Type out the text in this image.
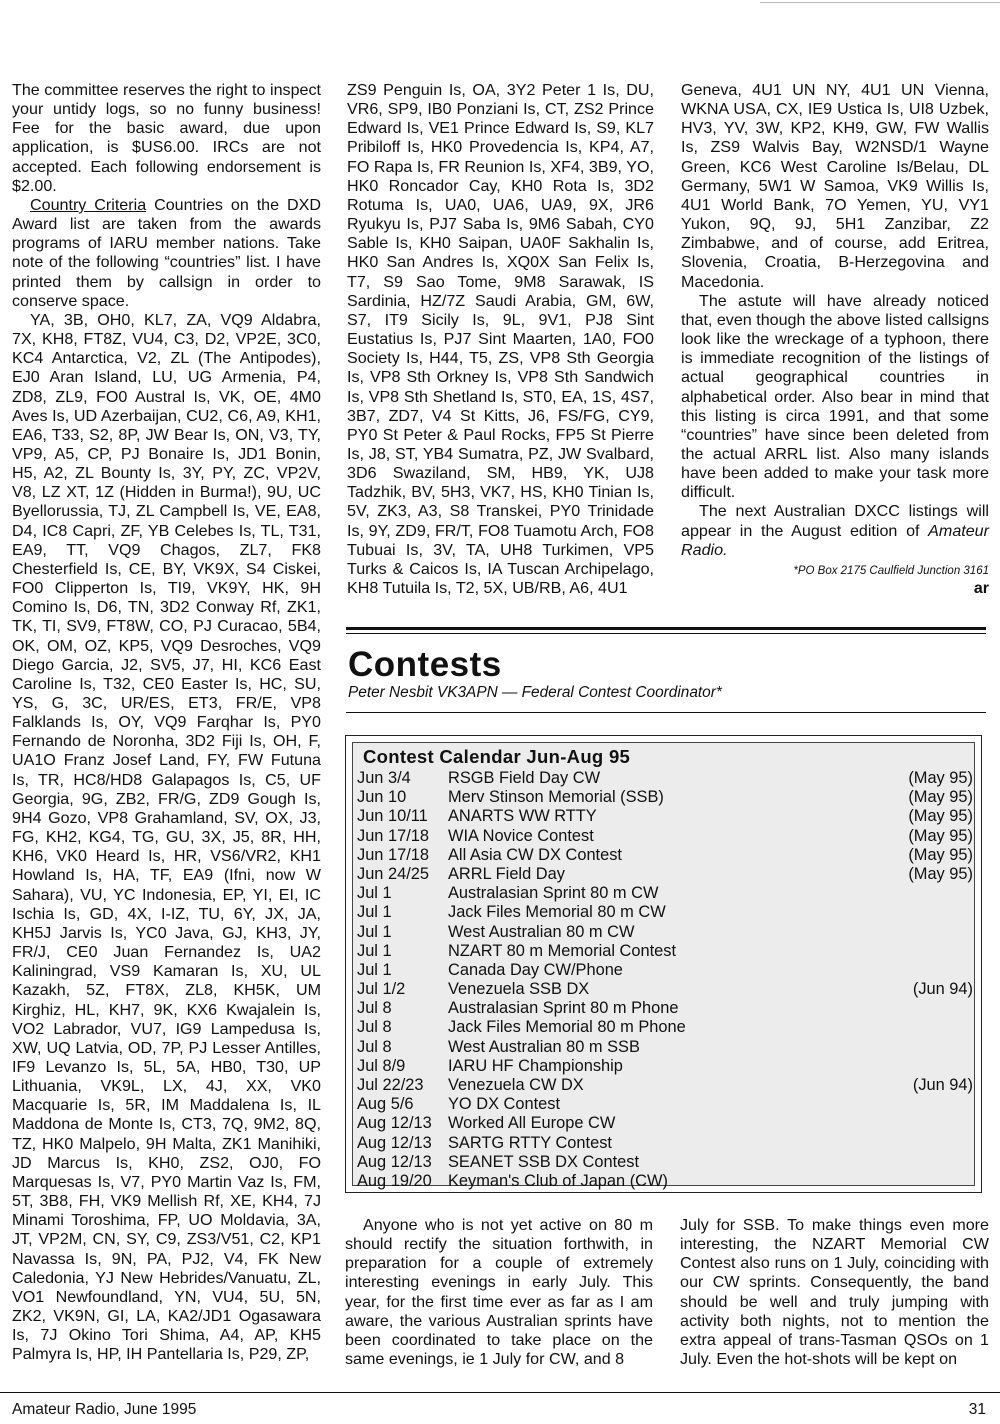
The committee reserves the right to inspect your untidy logs, so no funny business! Fee for the basic award, due upon application, is $US6.00. IRCs are not accepted. Each following endorsement is $2.00.

Country Criteria Countries on the DXD Award list are taken from the awards programs of IARU member nations. Take note of the following “countries” list. I have printed them by callsign in order to conserve space.

YA, 3B, OH0, KL7, ZA, VQ9 Aldabra, 7X, KH8, FT8Z, VU4, C3, D2, VP2E, 3C0, KC4 Antarctica, V2, ZL (The Antipodes), EJ0 Aran Island, LU, UG Armenia, P4, ZD8, ZL9, FO0 Austral Is, VK, OE, 4M0 Aves Is, UD Azerbaijan, CU2, C6, A9, KH1, EA6, T33, S2, 8P, JW Bear Is, ON, V3, TY, VP9, A5, CP, PJ Bonaire Is, JD1 Bonin, H5, A2, ZL Bounty Is, 3Y, PY, ZC, VP2V, V8, LZ XT, 1Z (Hidden in Burma!), 9U, UC Byellorussia, TJ, ZL Campbell Is, VE, EA8, D4, IC8 Capri, ZF, YB Celebes Is, TL, T31, EA9, TT, VQ9 Chagos, ZL7, FK8 Chesterfield Is, CE, BY, VK9X, S4 Ciskei, FO0 Clipperton Is, TI9, VK9Y, HK, 9H Comino Is, D6, TN, 3D2 Conway Rf, ZK1, TK, TI, SV9, FT8W, CO, PJ Curacao, 5B4, OK, OM, OZ, KP5, VQ9 Desroches, VQ9 Diego Garcia, J2, SV5, J7, HI, KC6 East Caroline Is, T32, CE0 Easter Is, HC, SU, YS, G, 3C, UR/ES, ET3, FR/E, VP8 Falklands Is, OY, VQ9 Farqhar Is, PY0 Fernando de Noronha, 3D2 Fiji Is, OH, F, UA1O Franz Josef Land, FY, FW Futuna Is, TR, HC8/HD8 Galapagos Is, C5, UF Georgia, 9G, ZB2, FR/G, ZD9 Gough Is, 9H4 Gozo, VP8 Grahamland, SV, OX, J3, FG, KH2, KG4, TG, GU, 3X, J5, 8R, HH, KH6, VK0 Heard Is, HR, VS6/VR2, KH1 Howland Is, HA, TF, EA9 (Ifni, now W Sahara), VU, YC Indonesia, EP, YI, EI, IC Ischia Is, GD, 4X, I-IZ, TU, 6Y, JX, JA, KH5J Jarvis Is, YC0 Java, GJ, KH3, JY, FR/J, CE0 Juan Fernandez Is, UA2 Kaliningrad, VS9 Kamaran Is, XU, UL Kazakh, 5Z, FT8X, ZL8, KH5K, UM Kirghiz, HL, KH7, 9K, KX6 Kwajalein Is, VO2 Labrador, VU7, IG9 Lampedusa Is, XW, UQ Latvia, OD, 7P, PJ Lesser Antilles, IF9 Levanzo Is, 5L, 5A, HB0, T30, UP Lithuania, VK9L, LX, 4J, XX, VK0 Macquarie Is, 5R, IM Maddalena Is, IL Maddona de Monte Is, CT3, 7Q, 9M2, 8Q, TZ, HK0 Malpelo, 9H Malta, ZK1 Manihiki, JD Marcus Is, KH0, ZS2, OJ0, FO Marquesas Is, V7, PY0 Martin Vaz Is, FM, 5T, 3B8, FH, VK9 Mellish Rf, XE, KH4, 7J Minami Toroshima, FP, UO Moldavia, 3A, JT, VP2M, CN, SY, C9, ZS3/V51, C2, KP1 Navassa Is, 9N, PA, PJ2, V4, FK New Caledonia, YJ New Hebrides/Vanuatu, ZL, VO1 Newfoundland, YN, VU4, 5U, 5N, ZK2, VK9N, GI, LA, KA2/JD1 Ogasawara Is, 7J Okino Tori Shima, A4, AP, KH5 Palmyra Is, HP, IH Pantellaria Is, P29, ZP,

ZS9 Penguin Is, OA, 3Y2 Peter 1 Is, DU, VR6, SP9, IB0 Ponziani Is, CT, ZS2 Prince Edward Is, VE1 Prince Edward Is, S9, KL7 Pribiloff Is, HK0 Provedencia Is, KP4, A7, FO Rapa Is, FR Reunion Is, XF4, 3B9, YO, HK0 Roncador Cay, KH0 Rota Is, 3D2 Rotuma Is, UA0, UA6, UA9, 9X, JR6 Ryukyu Is, PJ7 Saba Is, 9M6 Sabah, CY0 Sable Is, KH0 Saipan, UA0F Sakhalin Is, HK0 San Andres Is, XQ0X San Felix Is, T7, S9 Sao Tome, 9M8 Sarawak, IS Sardinia, HZ/7Z Saudi Arabia, GM, 6W, S7, IT9 Sicily Is, 9L, 9V1, PJ8 Sint Eustatius Is, PJ7 Sint Maarten, 1A0, FO0 Society Is, H44, T5, ZS, VP8 Sth Georgia Is, VP8 Sth Orkney Is, VP8 Sth Sandwich Is, VP8 Sth Shetland Is, ST0, EA, 1S, 4S7, 3B7, ZD7, V4 St Kitts, J6, FS/FG, CY9, PY0 St Peter & Paul Rocks, FP5 St Pierre Is, J8, ST, YB4 Sumatra, PZ, JW Svalbard, 3D6 Swaziland, SM, HB9, YK, UJ8 Tadzhik, BV, 5H3, VK7, HS, KH0 Tinian Is, 5V, ZK3, A3, S8 Transkei, PY0 Trinidade Is, 9Y, ZD9, FR/T, FO8 Tuamotu Arch, FO8 Tubuai Is, 3V, TA, UH8 Turkimen, VP5 Turks & Caicos Is, IA Tuscan Archipelago, KH8 Tutuila Is, T2, 5X, UB/RB, A6, 4U1

Geneva, 4U1 UN NY, 4U1 UN Vienna, WKNA USA, CX, IE9 Ustica Is, UI8 Uzbek, HV3, YV, 3W, KP2, KH9, GW, FW Wallis Is, ZS9 Walvis Bay, W2NSD/1 Wayne Green, KC6 West Caroline Is/Belau, DL Germany, 5W1 W Samoa, VK9 Willis Is, 4U1 World Bank, 7O Yemen, YU, VY1 Yukon, 9Q, 9J, 5H1 Zanzibar, Z2 Zimbabwe, and of course, add Eritrea, Slovenia, Croatia, B-Herzegovina and Macedonia.

The astute will have already noticed that, even though the above listed callsigns look like the wreckage of a typhoon, there is immediate recognition of the listings of actual geographical countries in alphabetical order. Also bear in mind that this listing is circa 1991, and that some “countries” have since been deleted from the actual ARRL list. Also many islands have been added to make your task more difficult.

The next Australian DXCC listings will appear in the August edition of Amateur Radio.

*PO Box 2175 Caulfield Junction 3161
ar
Contests
Peter Nesbit VK3APN — Federal Contest Coordinator*
Contest Calendar Jun-Aug 95
Jun 3/4	RSGB Field Day CW	(May 95)
Jun 10	Merv Stinson Memorial (SSB)	(May 95)
Jun 10/11	ANARTS WW RTTY	(May 95)
Jun 17/18	WIA Novice Contest	(May 95)
Jun 17/18	All Asia CW DX Contest	(May 95)
Jun 24/25	ARRL Field Day	(May 95)
Jul 1	Australasian Sprint 80 m CW
Jul 1	Jack Files Memorial 80 m CW
Jul 1	West Australian 80 m CW
Jul 1	NZART 80 m Memorial Contest
Jul 1	Canada Day CW/Phone
Jul 1/2	Venezuela SSB DX	(Jun 94)
Jul 8	Australasian Sprint 80 m Phone
Jul 8	Jack Files Memorial 80 m Phone
Jul 8	West Australian 80 m SSB
Jul 8/9	IARU HF Championship
Jul 22/23	Venezuela CW DX	(Jun 94)
Aug 5/6	YO DX Contest
Aug 12/13 Worked All Europe CW
Aug 12/13 SARTG RTTY Contest
Aug 12/13 SEANET SSB DX Contest
Aug 19/20 Keyman's Club of Japan (CW)

Anyone who is not yet active on 80 m should rectify the situation forthwith, in preparation for a couple of extremely interesting evenings in early July. This year, for the first time ever as far as I am aware, the various Australian sprints have been coordinated to take place on the same evenings, ie 1 July for CW, and 8

July for SSB. To make things even more interesting, the NZART Memorial CW Contest also runs on 1 July, coinciding with our CW sprints. Consequently, the band should be well and truly jumping with activity both nights, not to mention the extra appeal of trans-Tasman QSOs on 1 July. Even the hot-shots will be kept on

Amateur Radio, June 1995	31
